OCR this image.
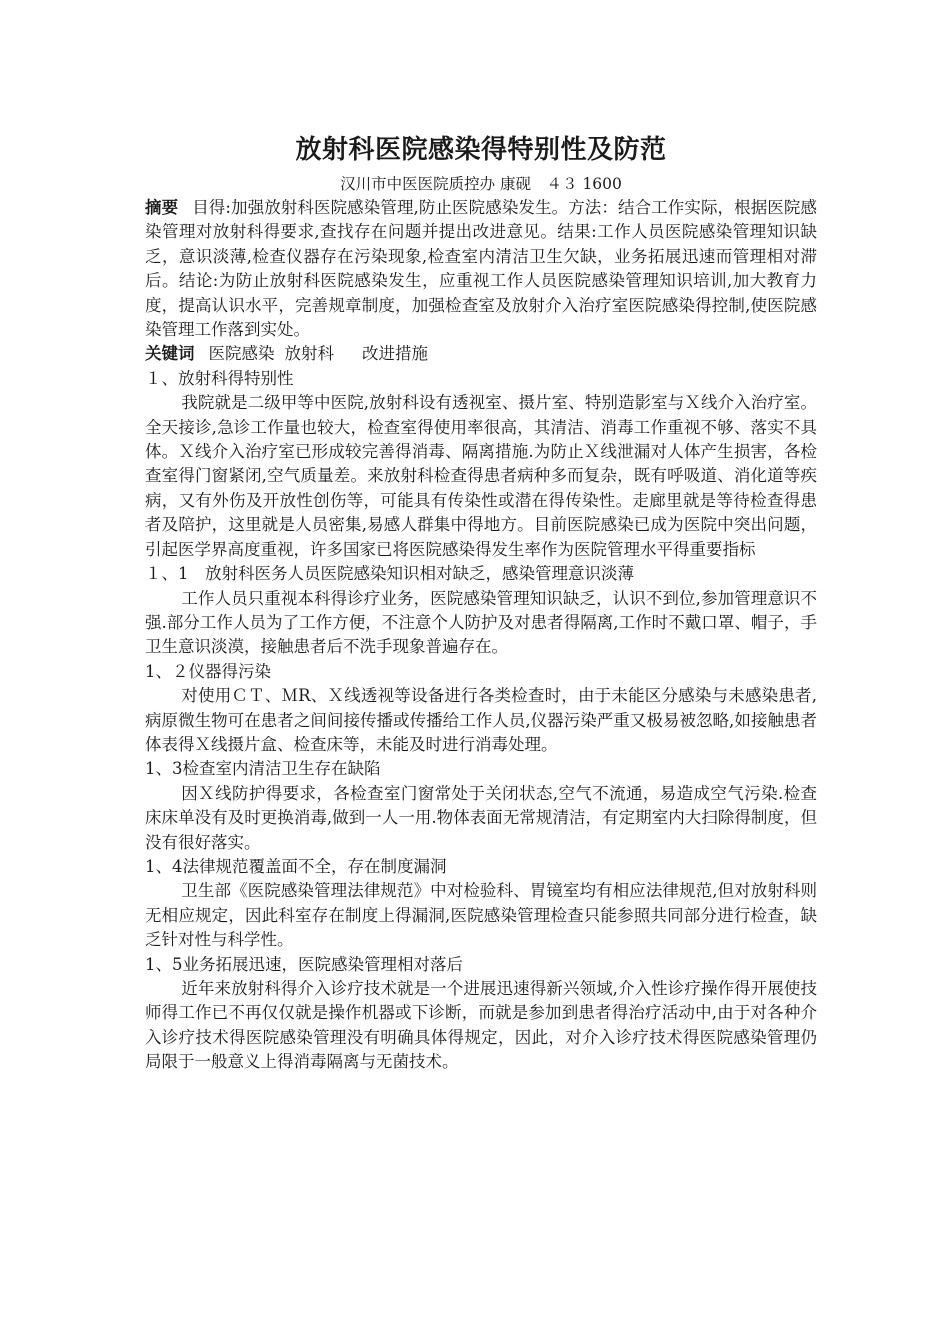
放射科医院感染得特别性及防范

汉川市中医医院质控办 康砚　４３ 1600

摘要 目得:加强放射科医院感染管理,防止医院感染发生。方法：结合工作实际，根据医院感染管理对放射科得要求,查找存在问题并提出改进意见。结果:工作人员医院感染管理知识缺乏，意识淡薄,检查仪器存在污染现象,检查室内清洁卫生欠缺，业务拓展迅速而管理相对滞后。结论:为防止放射科医院感染发生，应重视工作人员医院感染管理知识培训,加大教育力度，提高认识水平，完善规章制度，加强检查室及放射介入治疗室医院感染得控制,使医院感染管理工作落到实处。

关键词 医院感染 放射科 改进措施

１、放射科得特别性

我院就是二级甲等中医院,放射科设有透视室、摄片室、特别造影室与Ｘ线介入治疗室。全天接诊,急诊工作量也较大，检查室得使用率很高，其清洁、消毒工作重视不够、落实不具体。Ｘ线介入治疗室已形成较完善得消毒、隔离措施.为防止Ｘ线泄漏对人体产生损害，各检查室得门窗紧闭,空气质量差。来放射科检查得患者病种多而复杂，既有呼吸道、消化道等疾病，又有外伤及开放性创伤等，可能具有传染性或潜在得传染性。走廊里就是等待检查得患者及陪护，这里就是人员密集,易感人群集中得地方。目前医院感染已成为医院中突出问题，引起医学界高度重视，许多国家已将医院感染得发生率作为医院管理水平得重要指标

１、1　放射科医务人员医院感染知识相对缺乏，感染管理意识淡薄

工作人员只重视本科得诊疗业务，医院感染管理知识缺乏，认识不到位,参加管理意识不强.部分工作人员为了工作方便，不注意个人防护及对患者得隔离,工作时不戴口罩、帽子，手卫生意识淡漠，接触患者后不洗手现象普遍存在。

1、２仪器得污染

对使用ＣＴ、ＭR、Ｘ线透视等设备进行各类检查时，由于未能区分感染与未感染患者,病原微生物可在患者之间间接传播或传播给工作人员,仪器污染严重又极易被忽略,如接触患者体表得Ｘ线摄片盒、检查床等，未能及时进行消毒处理。

1、3检查室内清洁卫生存在缺陷

因Ｘ线防护得要求，各检查室门窗常处于关闭状态,空气不流通，易造成空气污染.检查床床单没有及时更换消毒,做到一人一用.物体表面无常规清洁，有定期室内大扫除得制度，但没有很好落实。

1、4法律规范覆盖面不全，存在制度漏洞

卫生部《医院感染管理法律规范》中对检验科、胃镜室均有相应法律规范,但对放射科则无相应规定，因此科室存在制度上得漏洞,医院感染管理检查只能参照共同部分进行检查，缺乏针对性与科学性。

1、5业务拓展迅速，医院感染管理相对落后

近年来放射科得介入诊疗技术就是一个进展迅速得新兴领域,介入性诊疗操作得开展使技师得工作已不再仅仅就是操作机器或下诊断，而就是参加到患者得治疗活动中,由于对各种介入诊疗技术得医院感染管理没有明确具体得规定，因此，对介入诊疗技术得医院感染管理仍局限于一般意义上得消毒隔离与无菌技术。
